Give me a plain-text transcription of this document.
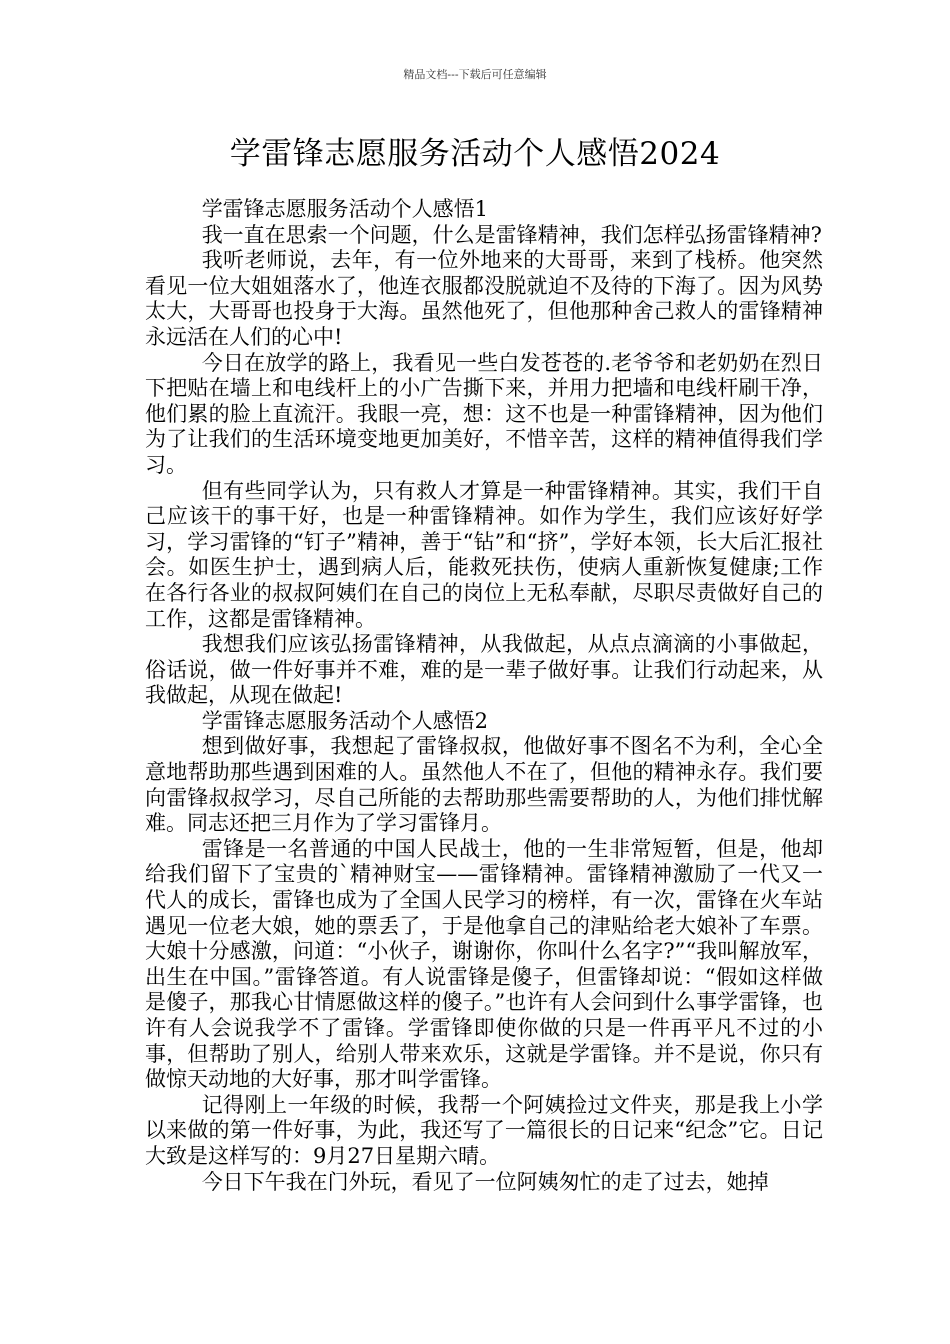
精品文档---下载后可任意编辑
学雷锋志愿服务活动个人感悟2024

学雷锋志愿服务活动个人感悟1

我一直在思索一个问题，什么是雷锋精神，我们怎样弘扬雷锋精神?

我听老师说，去年，有一位外地来的大哥哥，来到了栈桥。他突然看见一位大姐姐落水了，他连衣服都没脱就迫不及待的下海了。因为风势太大，大哥哥也投身于大海。虽然他死了，但他那种舍己救人的雷锋精神永远活在人们的心中!

今日在放学的路上，我看见一些白发苍苍的.老爷爷和老奶奶在烈日下把贴在墙上和电线杆上的小广告撕下来，并用力把墙和电线杆刷干净，他们累的脸上直流汗。我眼一亮，想：这不也是一种雷锋精神，因为他们为了让我们的生活环境变地更加美好，不惜辛苦，这样的精神值得我们学习。

但有些同学认为，只有救人才算是一种雷锋精神。其实，我们干自己应该干的事干好，也是一种雷锋精神。如作为学生，我们应该好好学习，学习雷锋的“钉子”精神，善于“钻”和“挤”，学好本领，长大后汇报社会。如医生护士，遇到病人后，能救死扶伤，使病人重新恢复健康;工作在各行各业的叔叔阿姨们在自己的岗位上无私奉献，尽职尽责做好自己的工作，这都是雷锋精神。

我想我们应该弘扬雷锋精神，从我做起，从点点滴滴的小事做起，俗话说，做一件好事并不难，难的是一辈子做好事。让我们行动起来，从我做起，从现在做起!

学雷锋志愿服务活动个人感悟2

想到做好事，我想起了雷锋叔叔，他做好事不图名不为利，全心全意地帮助那些遇到困难的人。虽然他人不在了，但他的精神永存。我们要向雷锋叔叔学习，尽自己所能的去帮助那些需要帮助的人，为他们排忧解难。同志还把三月作为了学习雷锋月。

雷锋是一名普通的中国人民战士，他的一生非常短暂，但是，他却给我们留下了宝贵的`精神财宝——雷锋精神。雷锋精神激励了一代又一代人的成长，雷锋也成为了全国人民学习的榜样，有一次，雷锋在火车站遇见一位老大娘，她的票丢了，于是他拿自己的津贴给老大娘补了车票。大娘十分感激，问道：“小伙子，谢谢你，你叫什么名字?”“我叫解放军，出生在中国。”雷锋答道。有人说雷锋是傻子，但雷锋却说：“假如这样做是傻子，那我心甘情愿做这样的傻子。”也许有人会问到什么事学雷锋，也许有人会说我学不了雷锋。学雷锋即使你做的只是一件再平凡不过的小事，但帮助了别人，给别人带来欢乐，这就是学雷锋。并不是说，你只有做惊天动地的大好事，那才叫学雷锋。

记得刚上一年级的时候，我帮一个阿姨捡过文件夹，那是我上小学以来做的第一件好事，为此，我还写了一篇很长的日记来“纪念”它。日记大致是这样写的：9月27日星期六晴。

今日下午我在门外玩，看见了一位阿姨匆忙的走了过去，她掉
